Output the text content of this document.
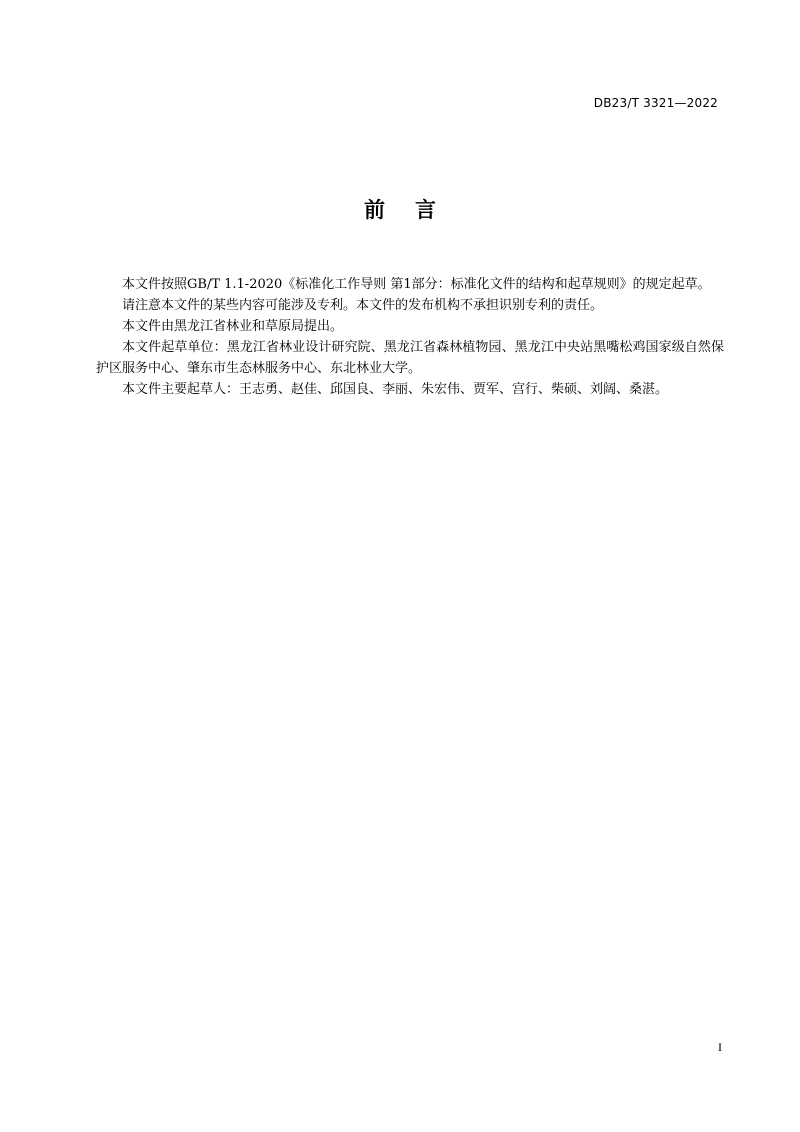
DB23/T 3321—2022
前言

本文件按照GB/T 1.1-2020《标准化工作导则 第1部分：标准化文件的结构和起草规则》的规定起草。

请注意本文件的某些内容可能涉及专利。本文件的发布机构不承担识别专利的责任。

本文件由黑龙江省林业和草原局提出。

本文件起草单位：黑龙江省林业设计研究院、黑龙江省森林植物园、黑龙江中央站黑嘴松鸡国家级自然保护区服务中心、肇东市生态林服务中心、东北林业大学。

本文件主要起草人：王志勇、赵佳、邱国良、李丽、朱宏伟、贾军、宫行、柴硕、刘阔、桑湛。

I
